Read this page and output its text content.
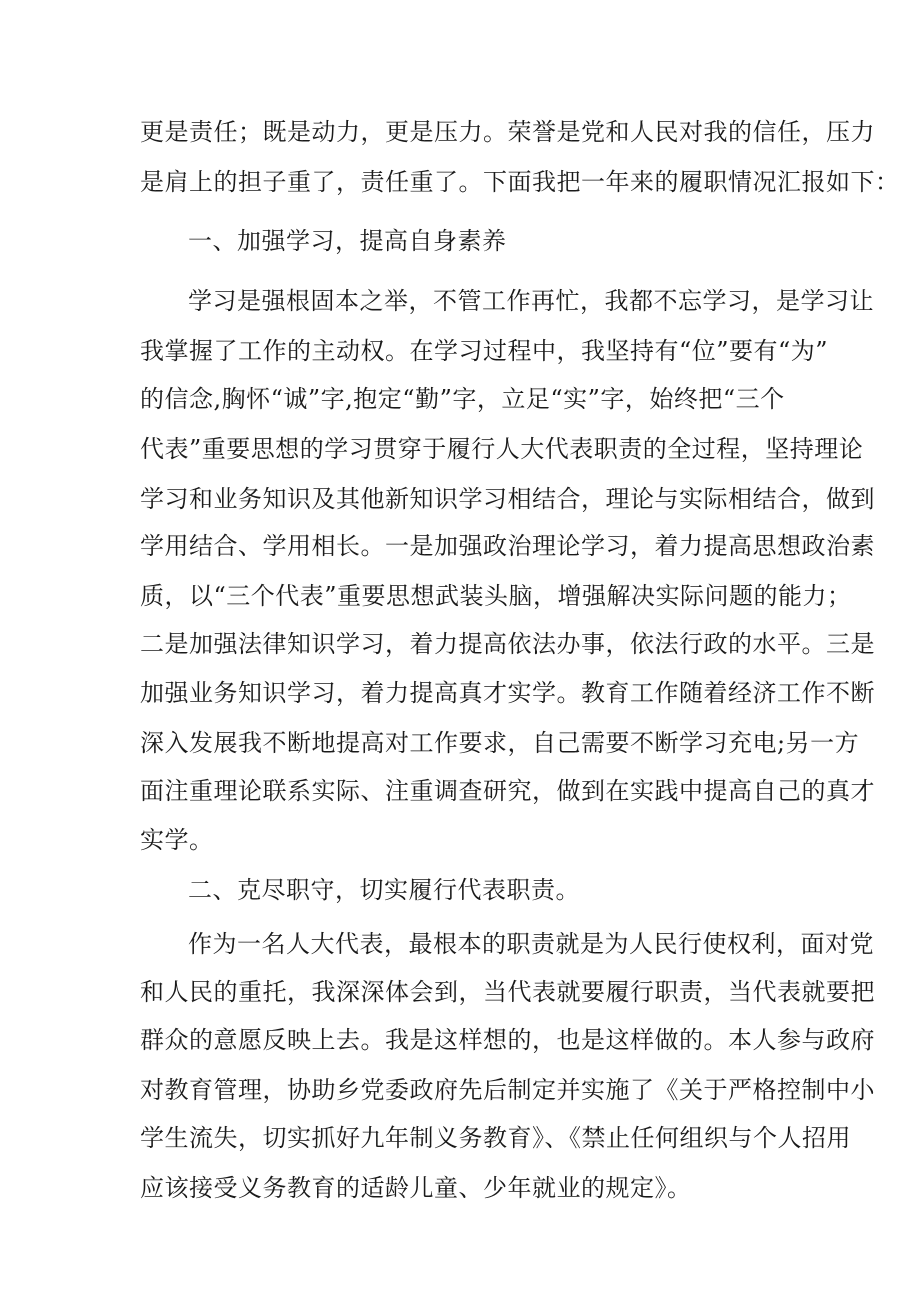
更是责任；既是动力，更是压力。荣誉是党和人民对我的信任，压力
是肩上的担子重了，责任重了。下面我把一年来的履职情况汇报如下：
一、加强学习，提高自身素养
学习是强根固本之举，不管工作再忙，我都不忘学习，是学习让
我掌握了工作的主动权。在学习过程中，我坚持有“位”要有“为”
的信念,胸怀“诚”字,抱定“勤”字，立足“实”字，始终把“三个
代表”重要思想的学习贯穿于履行人大代表职责的全过程，坚持理论
学习和业务知识及其他新知识学习相结合，理论与实际相结合，做到
学用结合、学用相长。一是加强政治理论学习，着力提高思想政治素
质，以“三个代表”重要思想武装头脑，增强解决实际问题的能力；
二是加强法律知识学习，着力提高依法办事，依法行政的水平。三是
加强业务知识学习，着力提高真才实学。教育工作随着经济工作不断
深入发展我不断地提高对工作要求，自己需要不断学习充电;另一方
面注重理论联系实际、注重调查研究，做到在实践中提高自己的真才
实学。
二、克尽职守，切实履行代表职责。
作为一名人大代表，最根本的职责就是为人民行使权利，面对党
和人民的重托，我深深体会到，当代表就要履行职责，当代表就要把
群众的意愿反映上去。我是这样想的，也是这样做的。本人参与政府
对教育管理，协助乡党委政府先后制定并实施了《关于严格控制中小
学生流失，切实抓好九年制义务教育》、《禁止任何组织与个人招用
应该接受义务教育的适龄儿童、少年就业的规定》。
